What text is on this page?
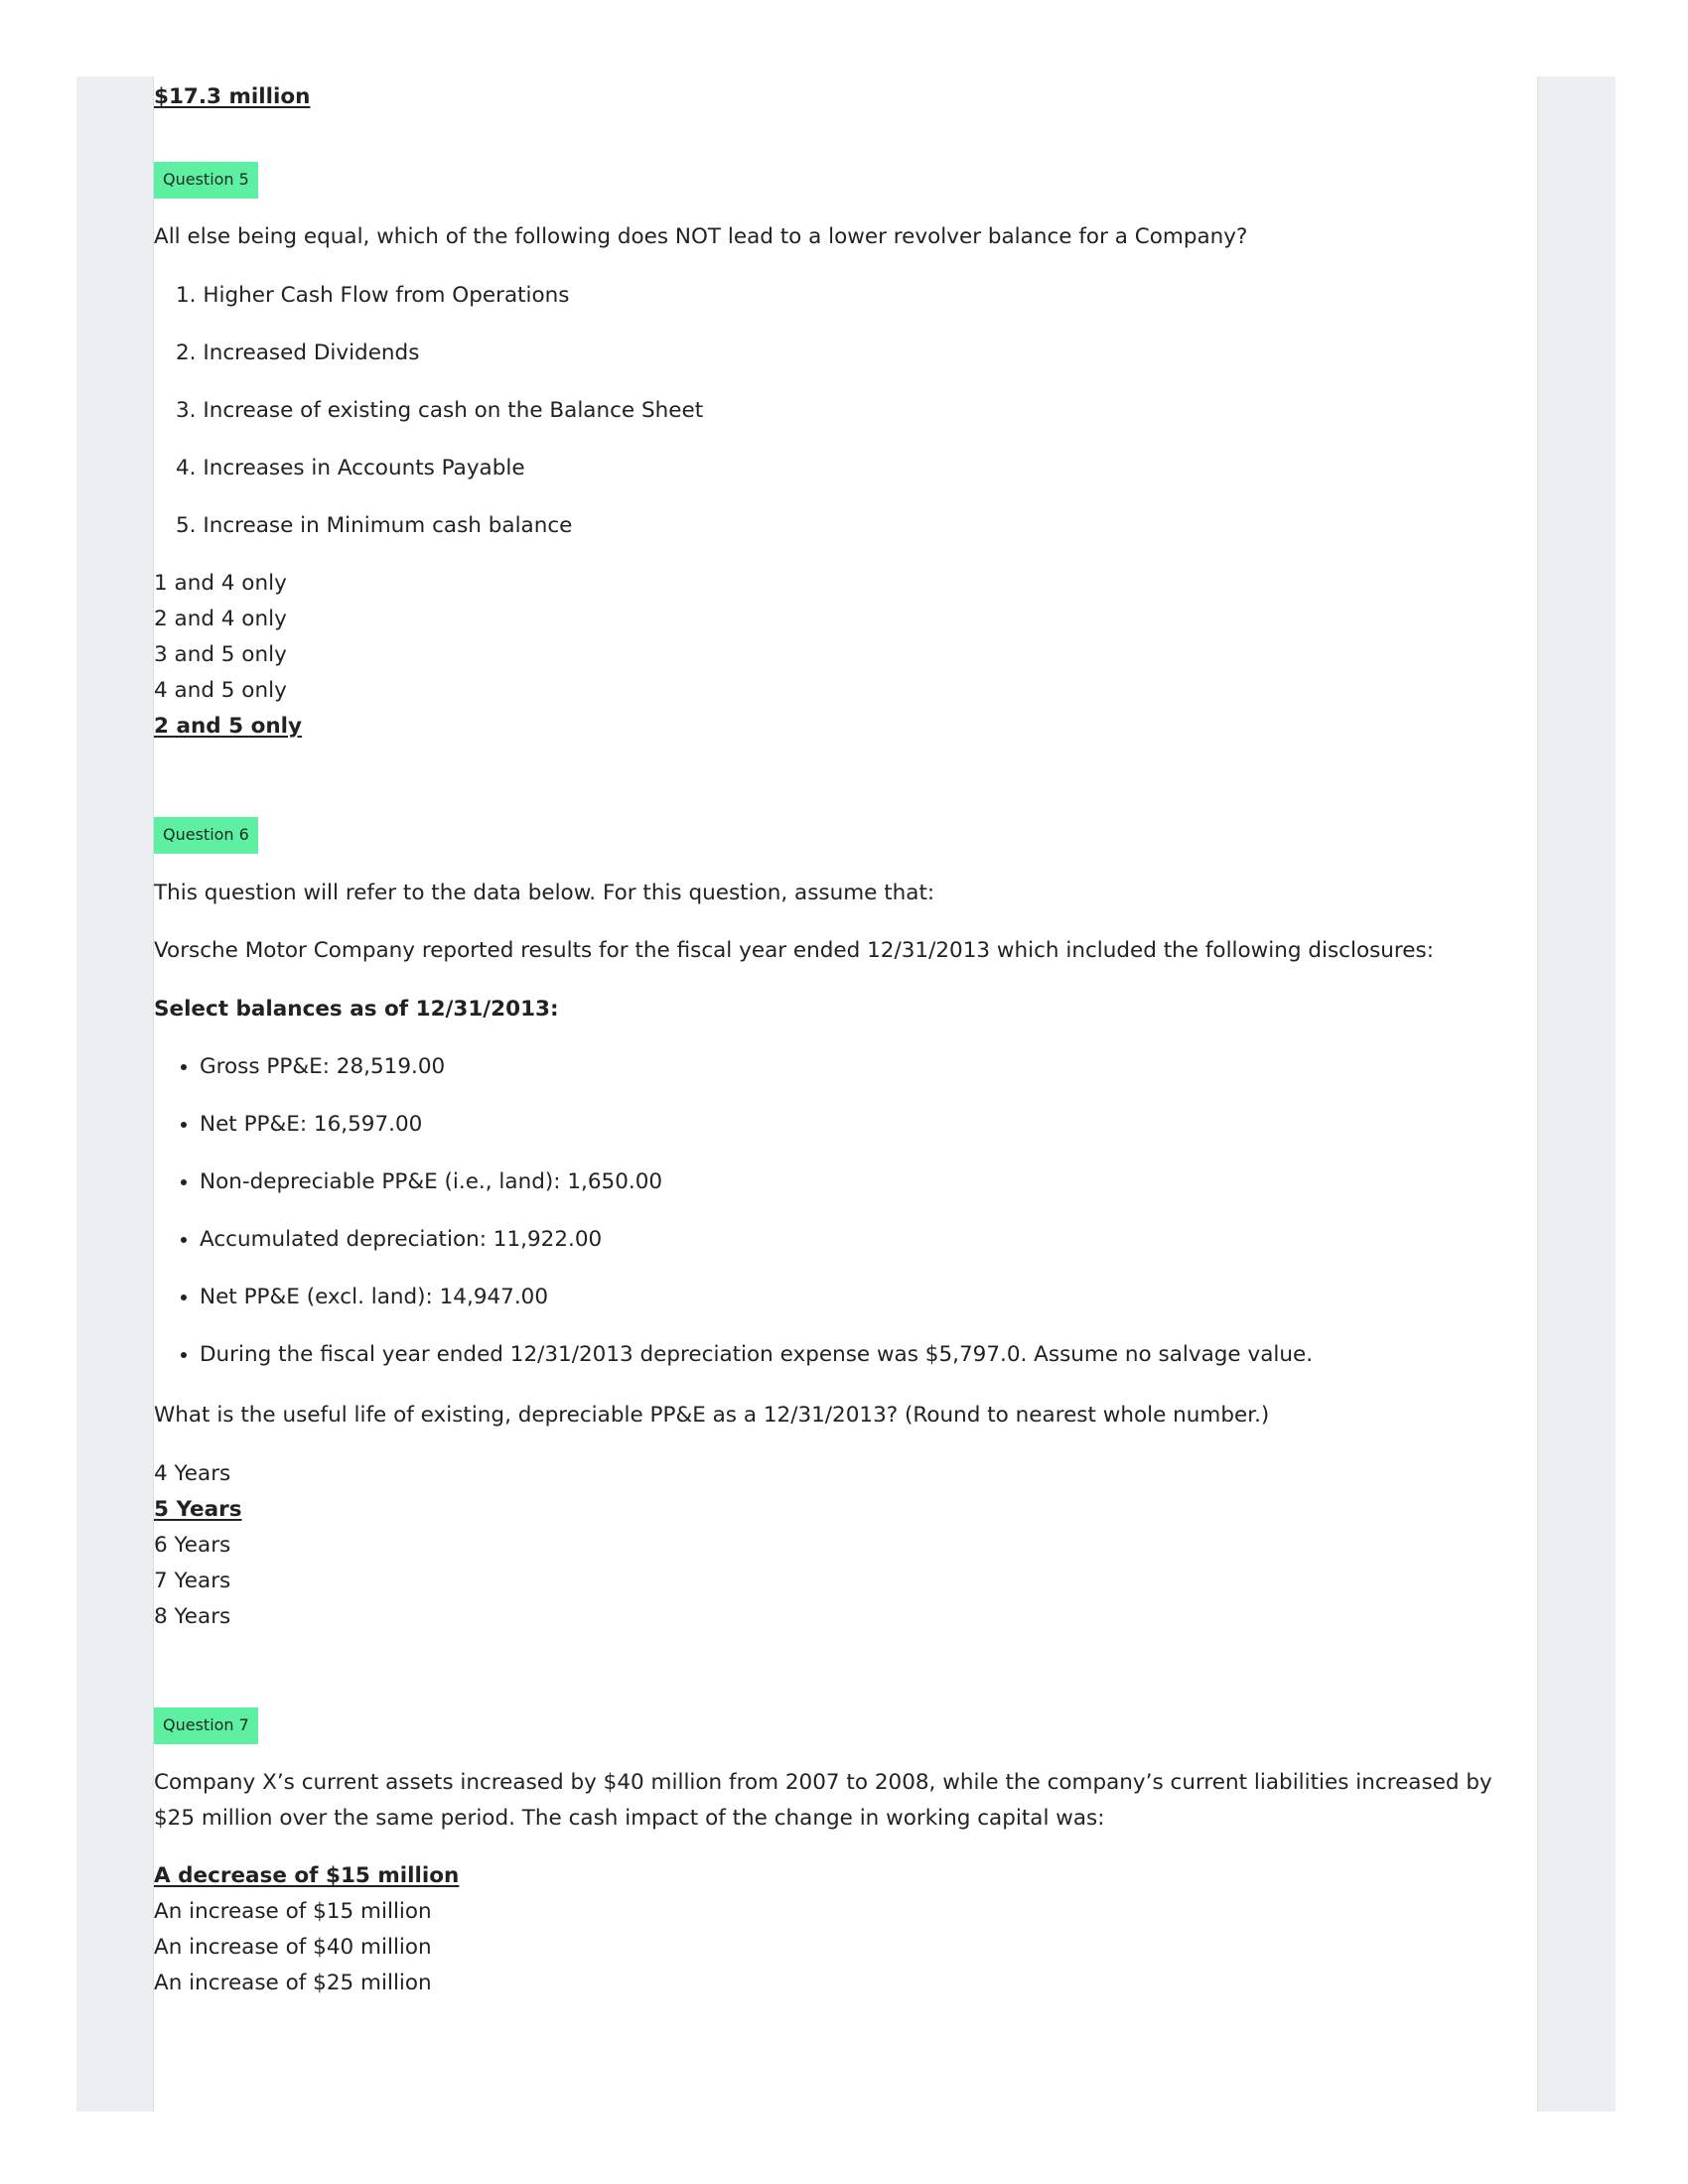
$17.3 million
Question 5

All else being equal, which of the following does NOT lead to a lower revolver balance for a Company?

1. Higher Cash Flow from Operations
2. Increased Dividends
3. Increase of existing cash on the Balance Sheet
4. Increases in Accounts Payable
5. Increase in Minimum cash balance
1 and 4 only
2 and 4 only
3 and 5 only
4 and 5 only
2 and 5 only
Question 6

This question will refer to the data below. For this question, assume that:

Vorsche Motor Company reported results for the fiscal year ended 12/31/2013 which included the following disclosures:

Select balances as of 12/31/2013:

• Gross PP&E: 28,519.00
• Net PP&E: 16,597.00
• Non-depreciable PP&E (i.e., land): 1,650.00
• Accumulated depreciation: 11,922.00
• Net PP&E (excl. land): 14,947.00
• During the fiscal year ended 12/31/2013 depreciation expense was $5,797.0. Assume no salvage value.

What is the useful life of existing, depreciable PP&E as a 12/31/2013? (Round to nearest whole number.)

4 Years
5 Years
6 Years
7 Years
8 Years
Question 7

Company X’s current assets increased by $40 million from 2007 to 2008, while the company’s current liabilities increased by $25 million over the same period. The cash impact of the change in working capital was:

A decrease of $15 million
An increase of $15 million
An increase of $40 million
An increase of $25 million
